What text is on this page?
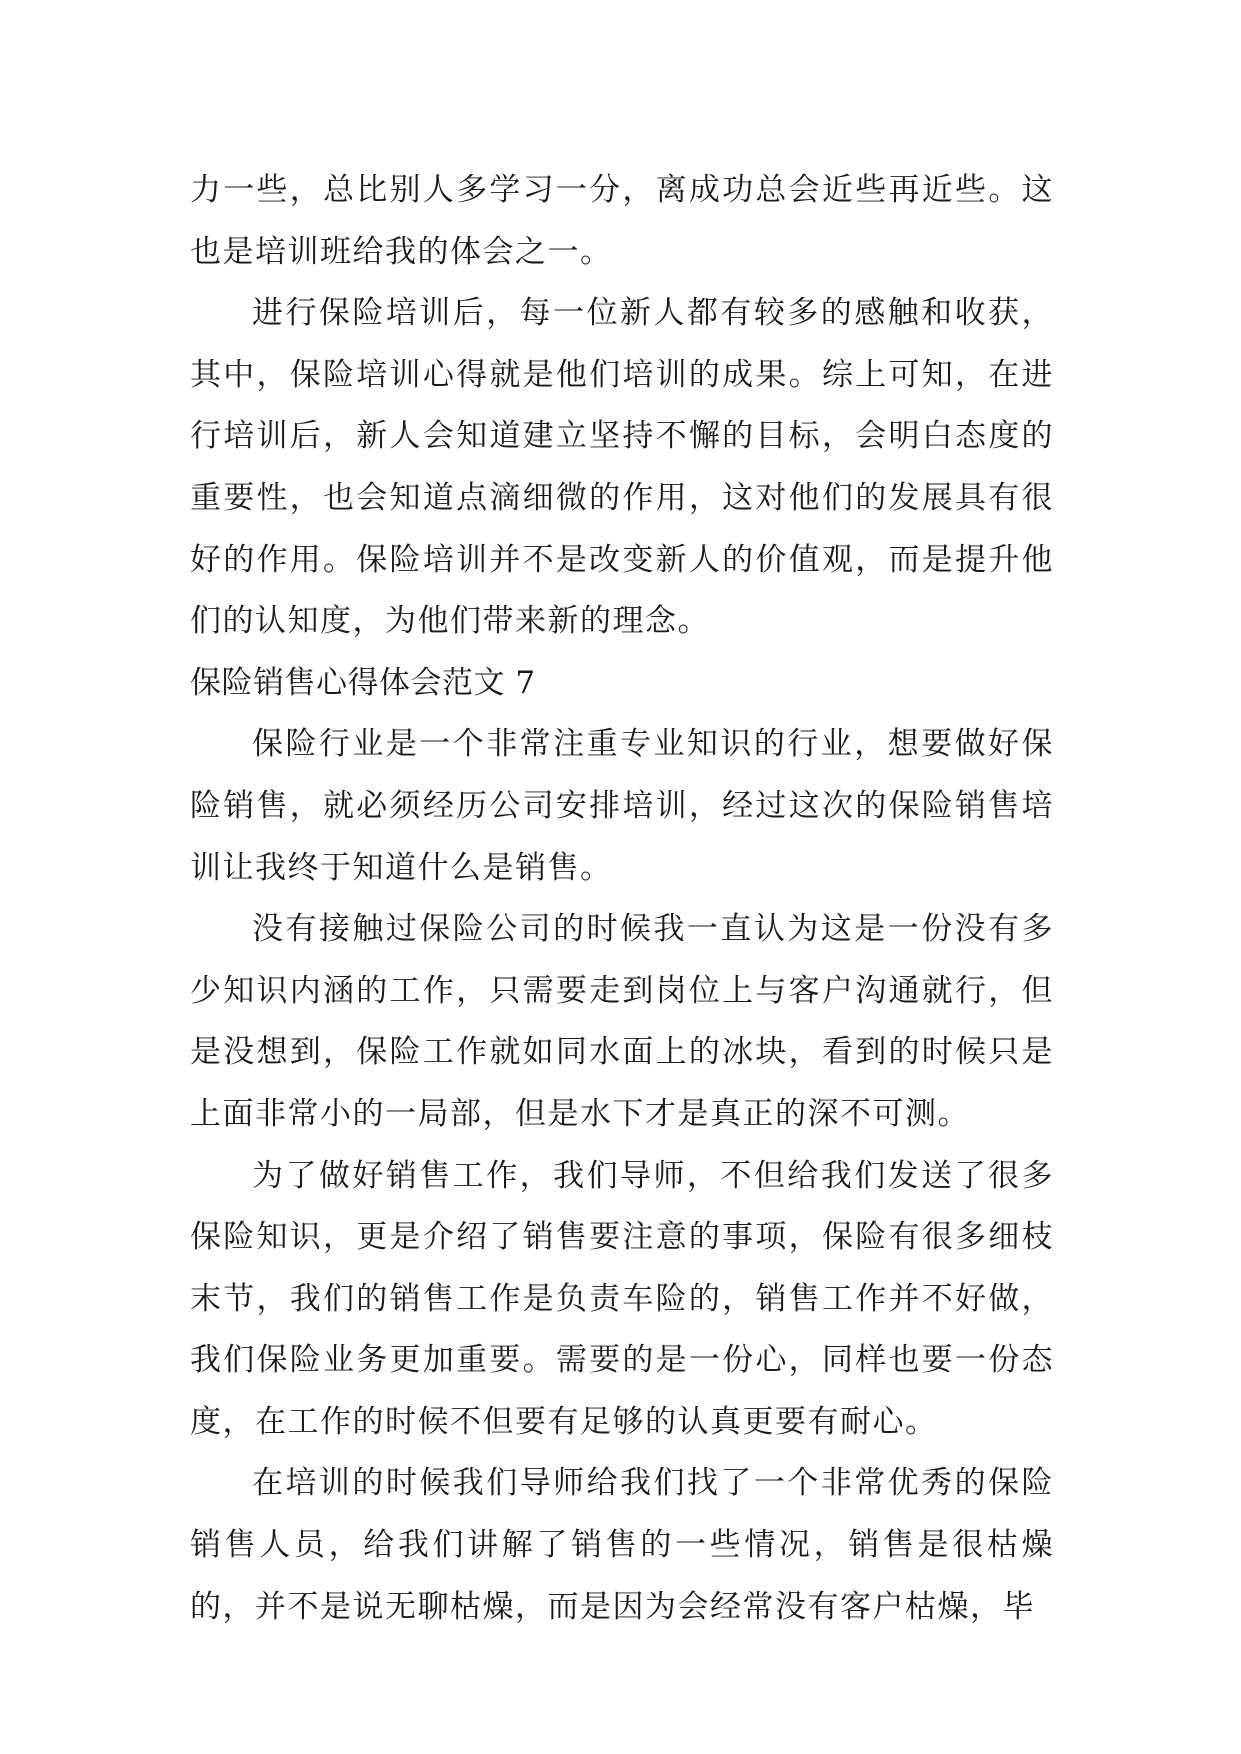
力一些，总比别人多学习一分，离成功总会近些再近些。这也是培训班给我的体会之一。

进行保险培训后，每一位新人都有较多的感触和收获，其中，保险培训心得就是他们培训的成果。综上可知，在进行培训后，新人会知道建立坚持不懈的目标，会明白态度的重要性，也会知道点滴细微的作用，这对他们的发展具有很好的作用。保险培训并不是改变新人的价值观，而是提升他们的认知度，为他们带来新的理念。

保险销售心得体会范文 7

保险行业是一个非常注重专业知识的行业，想要做好保险销售，就必须经历公司安排培训，经过这次的保险销售培训让我终于知道什么是销售。

没有接触过保险公司的时候我一直认为这是一份没有多少知识内涵的工作，只需要走到岗位上与客户沟通就行，但是没想到，保险工作就如同水面上的冰块，看到的时候只是上面非常小的一局部，但是水下才是真正的深不可测。

为了做好销售工作，我们导师，不但给我们发送了很多保险知识，更是介绍了销售要注意的事项，保险有很多细枝末节，我们的销售工作是负责车险的，销售工作并不好做，我们保险业务更加重要。需要的是一份心，同样也要一份态度，在工作的时候不但要有足够的认真更要有耐心。

在培训的时候我们导师给我们找了一个非常优秀的保险销售人员，给我们讲解了销售的一些情况，销售是很枯燥的，并不是说无聊枯燥，而是因为会经常没有客户枯燥，毕
